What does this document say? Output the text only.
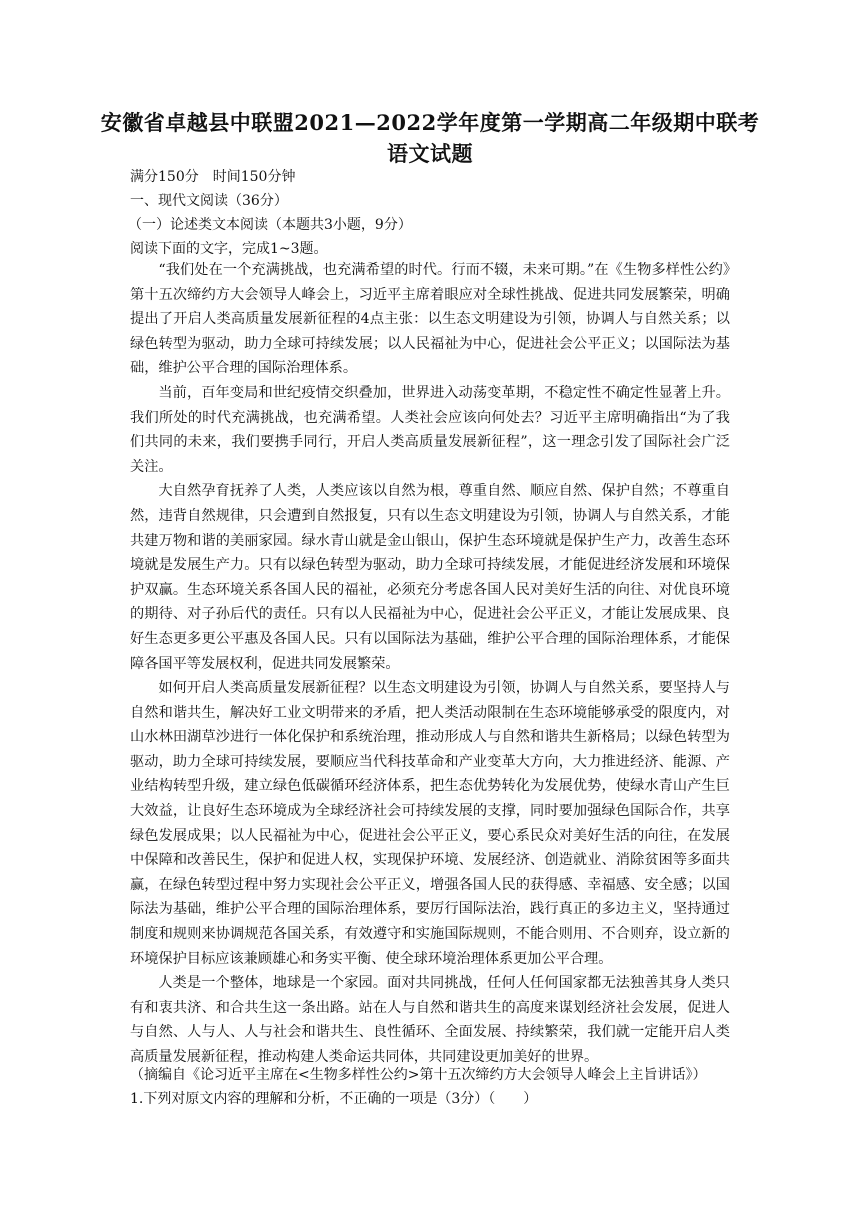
安徽省卓越县中联盟2021—2022学年度第一学期高二年级期中联考
语文试题
满分150分　时间150分钟
一、现代文阅读（36分）
（一）论述类文本阅读（本题共3小题，9分）
阅读下面的文字，完成1~3题。

“我们处在一个充满挑战，也充满希望的时代。行而不辍，未来可期。”在《生物多样性公约》第十五次缔约方大会领导人峰会上，习近平主席着眼应对全球性挑战、促进共同发展繁荣，明确提出了开启人类高质量发展新征程的4点主张：以生态文明建设为引领，协调人与自然关系；以绿色转型为驱动，助力全球可持续发展；以人民福祉为中心，促进社会公平正义；以国际法为基础，维护公平合理的国际治理体系。

当前，百年变局和世纪疫情交织叠加，世界进入动荡变革期，不稳定性不确定性显著上升。我们所处的时代充满挑战，也充满希望。人类社会应该向何处去？习近平主席明确指出“为了我们共同的未来，我们要携手同行，开启人类高质量发展新征程”，这一理念引发了国际社会广泛关注。

大自然孕育抚养了人类，人类应该以自然为根，尊重自然、顺应自然、保护自然；不尊重自然，违背自然规律，只会遭到自然报复，只有以生态文明建设为引领，协调人与自然关系，才能共建万物和谐的美丽家园。绿水青山就是金山银山，保护生态环境就是保护生产力，改善生态环境就是发展生产力。只有以绿色转型为驱动，助力全球可持续发展，才能促进经济发展和环境保护双赢。生态环境关系各国人民的福祉，必须充分考虑各国人民对美好生活的向往、对优良环境的期待、对子孙后代的责任。只有以人民福祉为中心，促进社会公平正义，才能让发展成果、良好生态更多更公平惠及各国人民。只有以国际法为基础，维护公平合理的国际治理体系，才能保障各国平等发展权利，促进共同发展繁荣。

如何开启人类高质量发展新征程？以生态文明建设为引领，协调人与自然关系，要坚持人与自然和谐共生，解决好工业文明带来的矛盾，把人类活动限制在生态环境能够承受的限度内，对山水林田湖草沙进行一体化保护和系统治理，推动形成人与自然和谐共生新格局；以绿色转型为驱动，助力全球可持续发展，要顺应当代科技革命和产业变革大方向，大力推进经济、能源、产业结构转型升级，建立绿色低碳循环经济体系，把生态优势转化为发展优势，使绿水青山产生巨大效益，让良好生态环境成为全球经济社会可持续发展的支撑，同时要加强绿色国际合作，共享绿色发展成果；以人民福祉为中心，促进社会公平正义，要心系民众对美好生活的向往，在发展中保障和改善民生，保护和促进人权，实现保护环境、发展经济、创造就业、消除贫困等多面共赢，在绿色转型过程中努力实现社会公平正义，增强各国人民的获得感、幸福感、安全感；以国际法为基础，维护公平合理的国际治理体系，要厉行国际法治，践行真正的多边主义，坚持通过制度和规则来协调规范各国关系，有效遵守和实施国际规则，不能合则用、不合则弃，设立新的环境保护目标应该兼顾雄心和务实平衡、使全球环境治理体系更加公平合理。

人类是一个整体，地球是一个家园。面对共同挑战，任何人任何国家都无法独善其身人类只有和衷共济、和合共生这一条出路。站在人与自然和谐共生的高度来谋划经济社会发展，促进人与自然、人与人、人与社会和谐共生、良性循环、全面发展、持续繁荣，我们就一定能开启人类高质量发展新征程，推动构建人类命运共同体，共同建设更加美好的世界。

（摘编自《论习近平主席在<生物多样性公约>第十五次缔约方大会领导人峰会上主旨讲话》）
1.下列对原文内容的理解和分析，不正确的一项是（3分）（　　）
